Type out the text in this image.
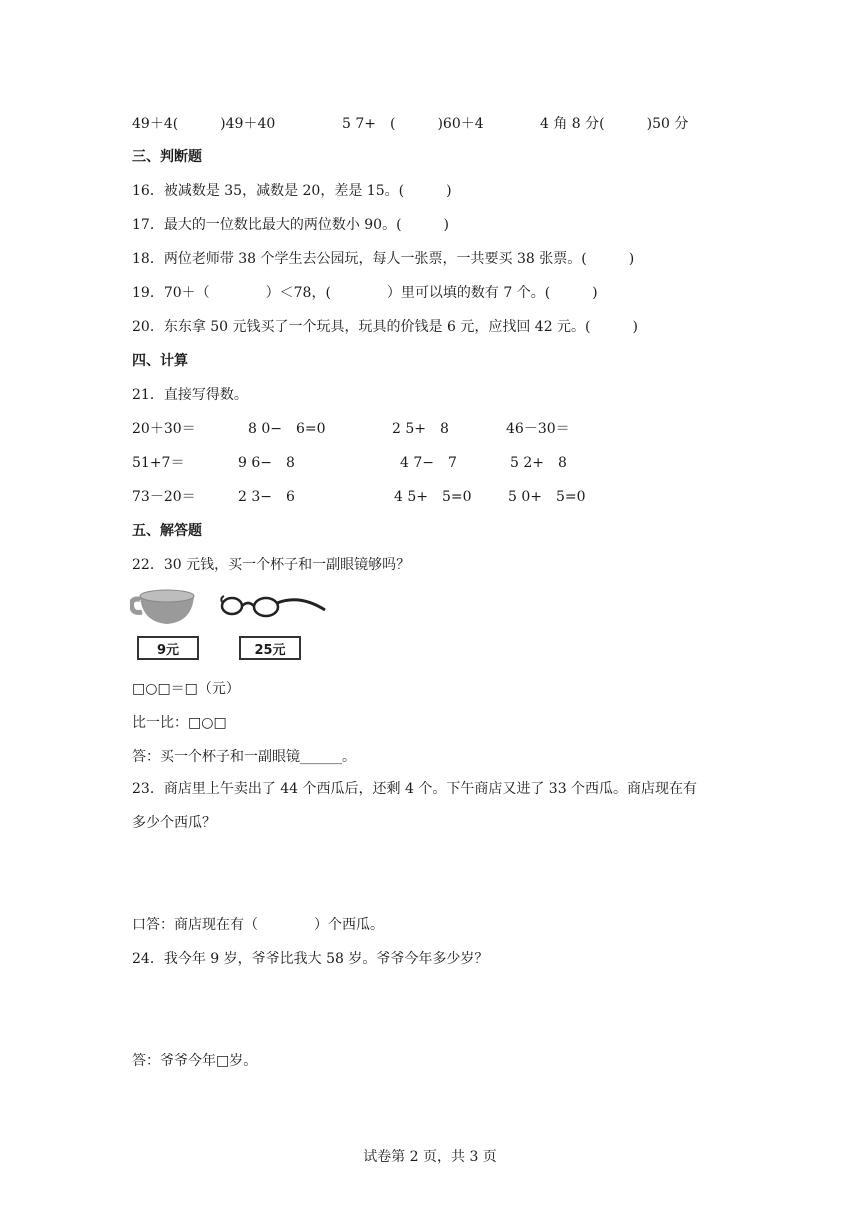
49＋4(　　　)49＋40	5 7+　(　　　)60＋4	4 角 8 分(　　　)50 分
三、判断题
16．被减数是 35，减数是 20，差是 15。(　　　)
17．最大的一位数比最大的两位数小 90。(　　　)
18．两位老师带 38 个学生去公园玩，每人一张票，一共要买 38 张票。(　　　)
19．70＋（　　　　）＜78，(　　　　）里可以填的数有 7 个。(　　　)
20．东东拿 50 元钱买了一个玩具，玩具的价钱是 6 元，应找回 42 元。(　　　)
四、计算
21．直接写得数。
20＋30＝	8 0−　6=0	2 5+　8	46－30＝
51+7＝	9 6−　8	4 7−　7	5 2+　8
73－20＝	2 3−　6	4 5+　5=0	5 0+　5=0
五、解答题
22．30 元钱，买一个杯子和一副眼镜够吗？
9元	25元
□○□＝□（元）
比一比：□○□
答：买一个杯子和一副眼镜______。
23．商店里上午卖出了 44 个西瓜后，还剩 4 个。下午商店又进了 33 个西瓜。商店现在有
多少个西瓜？
口答：商店现在有（　　　　）个西瓜。
24．我今年 9 岁，爷爷比我大 58 岁。爷爷今年多少岁？
答：爷爷今年□岁。
试卷第 2 页，共 3 页
